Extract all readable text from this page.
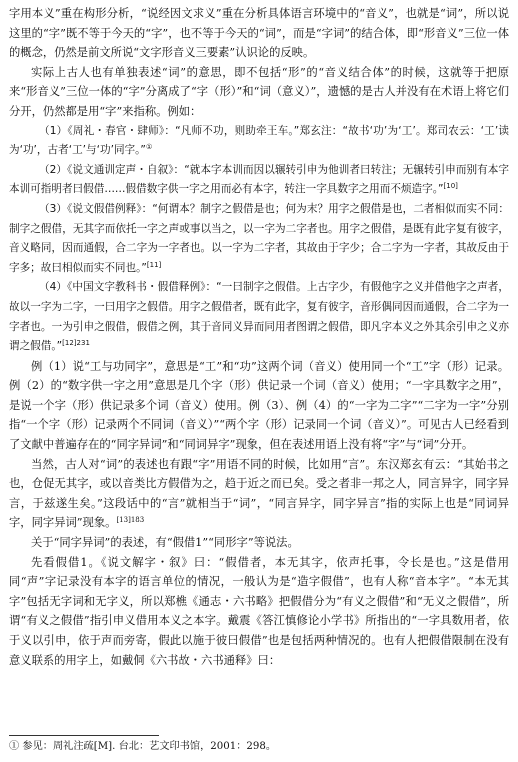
字用本义”重在构形分析，“说经因文求义”重在分析具体语言环境中的“音义”，也就是“词”，所以说这里的“字”既不等于今天的“字”，也不等于今天的“词”，而是“字词”的结合体，即“形音义”三位一体的概念，仍然是前文所说“文字形音义三要素”认识论的反映。

实际上古人也有单独表述“词”的意思，即不包括“形”的“音义结合体”的时候，这就等于把原来“形音义”三位一体的“字”分离成了“字（形）”和“词（意义）”，遗憾的是古人并没有在术语上将它们分开，仍然都是用“字”来指称。例如：

（1）《周礼・春官・肆师》：“凡师不功，则助牵王车。”郑玄注：“故书‘功’为‘工’。郑司农云：‘工’读为‘功’，古者‘工’与‘功’同字。”①

（2）《说文通训定声・自叙》：“就本字本训而因以辗转引申为他训者曰转注；无辗转引申而别有本字本训可指明者曰假借……假借数字供一字之用而必有本字，转注一字具数字之用而不烦造字。”[10]

（3）《说文假借例释》：“何谓本？制字之假借是也；何为末？用字之假借是也，二者相似而实不同：制字之假借，无其字而依托一字之声或事以当之，以一字为二字者也。用字之假借，是既有此字复有彼字，音义略同，因而通假，合二字为一字者也。以一字为二字者，其故由于字少；合二字为一字者，其故反由于字多；故曰相似而实不同也。”[11]

（4）《中国文字教科书・假借释例》：“一曰制字之假借。上古字少，有假他字之义并借他字之声者，故以一字为二字，一曰用字之假借。用字之假借者，既有此字，复有彼字，音形偶同因而通假，合二字为一字者也。一为引申之假借，假借之例，其于音同义异而同用者图谓之假借，即凡字本义之外其余引申之义亦谓之假借。”$^{[12]231}$

例（1）说“工与功同字”，意思是“工”和“功”这两个词（音义）使用同一个“工”字（形）记录。例（2）的“数字供一字之用”意思是几个字（形）供记录一个词（音义）使用；“一字具数字之用”，是说一个字（形）供记录多个词（音义）使用。例（3）、例（4）的“一字为二字”“二字为一字”分别指“一个字（形）记录两个不同词（音义）”“两个字（形）记录同一个词（音义）”。可见古人已经看到了文献中普遍存在的“同字异词”和“同词异字”现象，但在表述用语上没有将“字”与“词”分开。

当然，古人对“词”的表述也有跟“字”用语不同的时候，比如用“言”。东汉郑玄有云：“其始书之也，仓促无其字，或以音类比方假借为之，趋于近之而已矣。受之者非一邦之人，同言异字，同字异言，于兹遂生矣。”这段话中的“言”就相当于“词”，“同言异字，同字异言”指的实际上也是“同词异字，同字异词”现象。$^{[13]183}$

关于“同字异词”的表述，有“假借1”“同形字”等说法。

先看假借1。《说文解字・叙》曰：“假借者，本无其字，依声托事，令长是也。”这是借用同“声”字记录没有本字的语言单位的情况，一般认为是“造字假借”，也有人称“音本字”。“本无其字”包括无字词和无字义，所以郑樵《通志・六书略》把假借分为“有义之假借”和“无义之假借”，所谓“有义之假借”指引申义借用本义之本字。戴震《答江慎修论小学书》所指出的“一字具数用者，依于义以引申，依于声而旁寄，假此以施于彼曰假借”也是包括两种情况的。也有人把假借限制在没有意义联系的用字上，如戴侗《六书故・六书通释》曰：

① 参见：周礼注疏[M]. 台北：艺文印书馆，2001：298。
